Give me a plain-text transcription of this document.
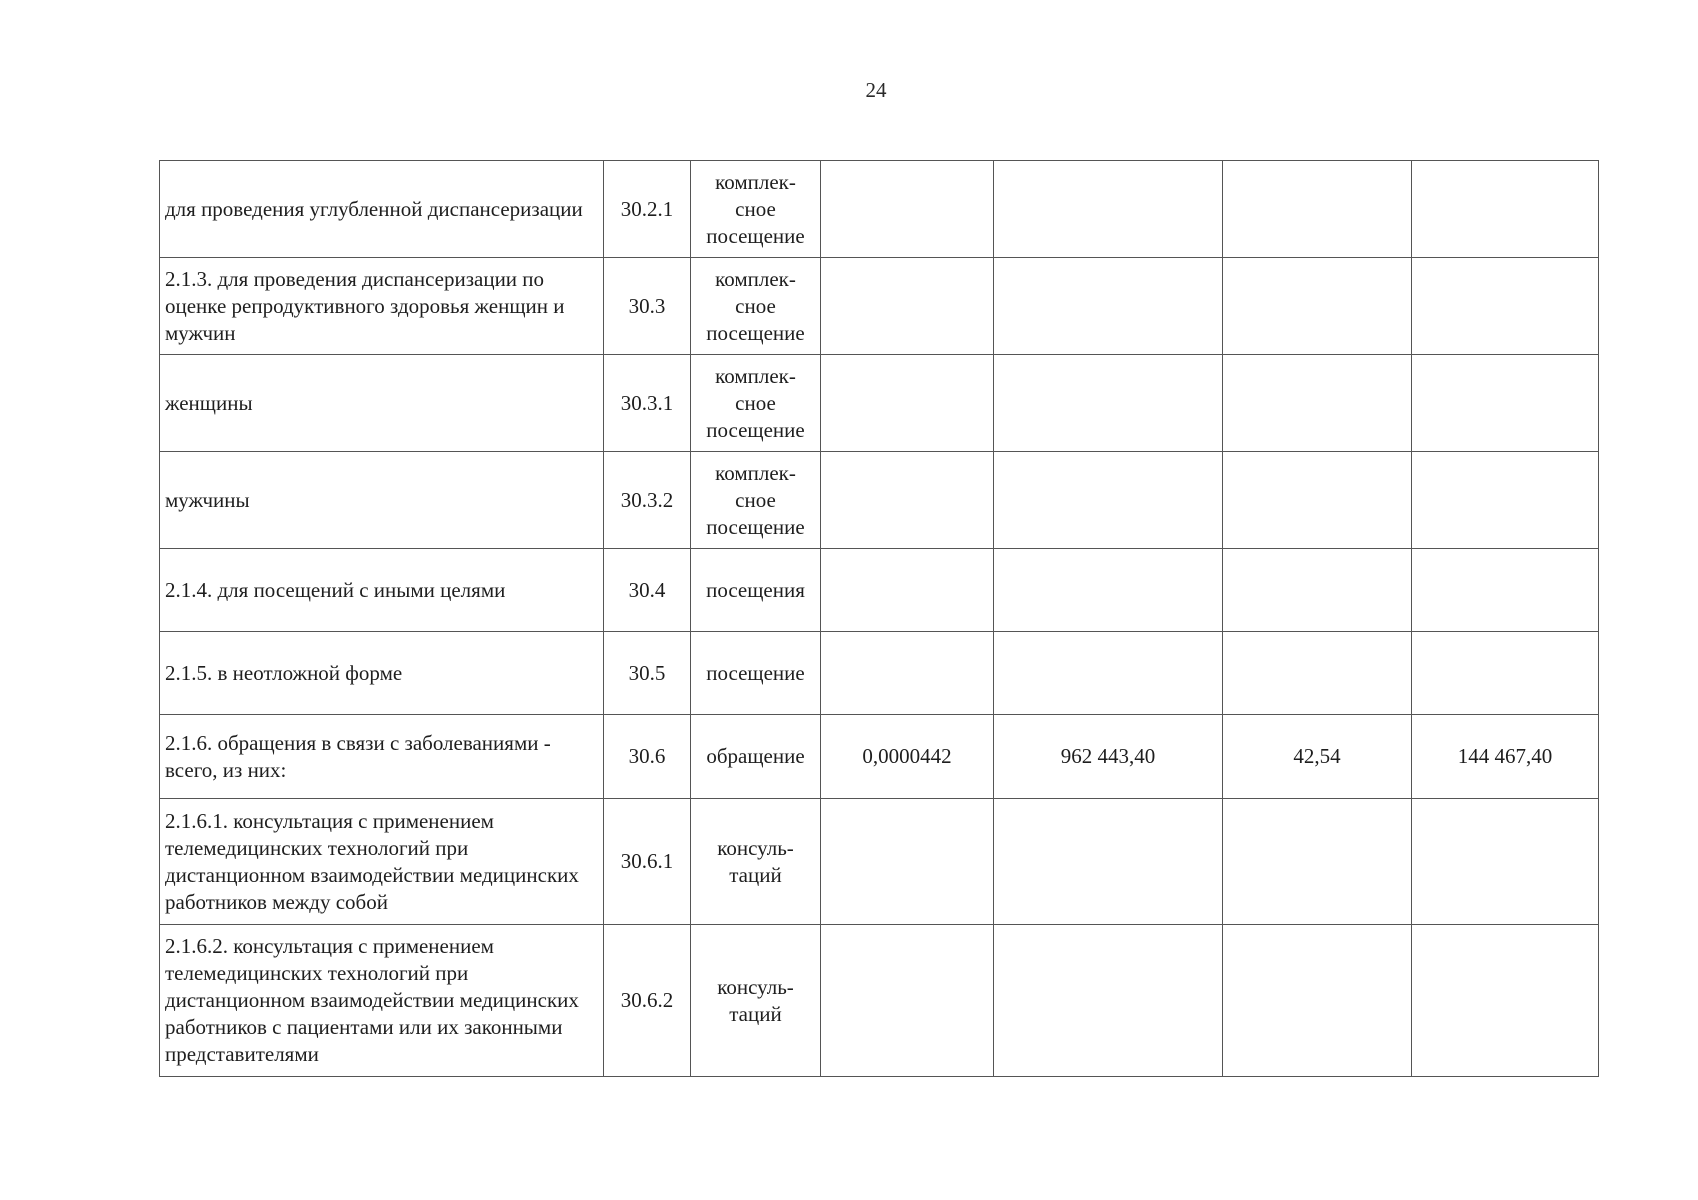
24
для проведения углубленной диспансеризации	30.2.1	комплек-
сное
посещение				

2.1.3. для проведения диспансеризации по оценке репродуктивного здоровья женщин и мужчин	30.3	комплек-
сное
посещение				

женщины	30.3.1	комплек-
сное
посещение				

мужчины	30.3.2	комплек-
сное
посещение				

2.1.4. для посещений с иными целями	30.4	посещения				

2.1.5. в неотложной форме	30.5	посещение				

2.1.6. обращения в связи с заболеваниями - всего, из них:	30.6	обращение	0,0000442	962 443,40	42,54	144 467,40
2.1.6.1. консультация с применением телемедицинских технологий при дистанционном взаимодействии медицинских работников между собой	30.6.1	консуль-
таций				

2.1.6.2. консультация с применением телемедицинских технологий при дистанционном взаимодействии медицинских работников с пациентами или их законными представителями	30.6.2	консуль-
таций				
